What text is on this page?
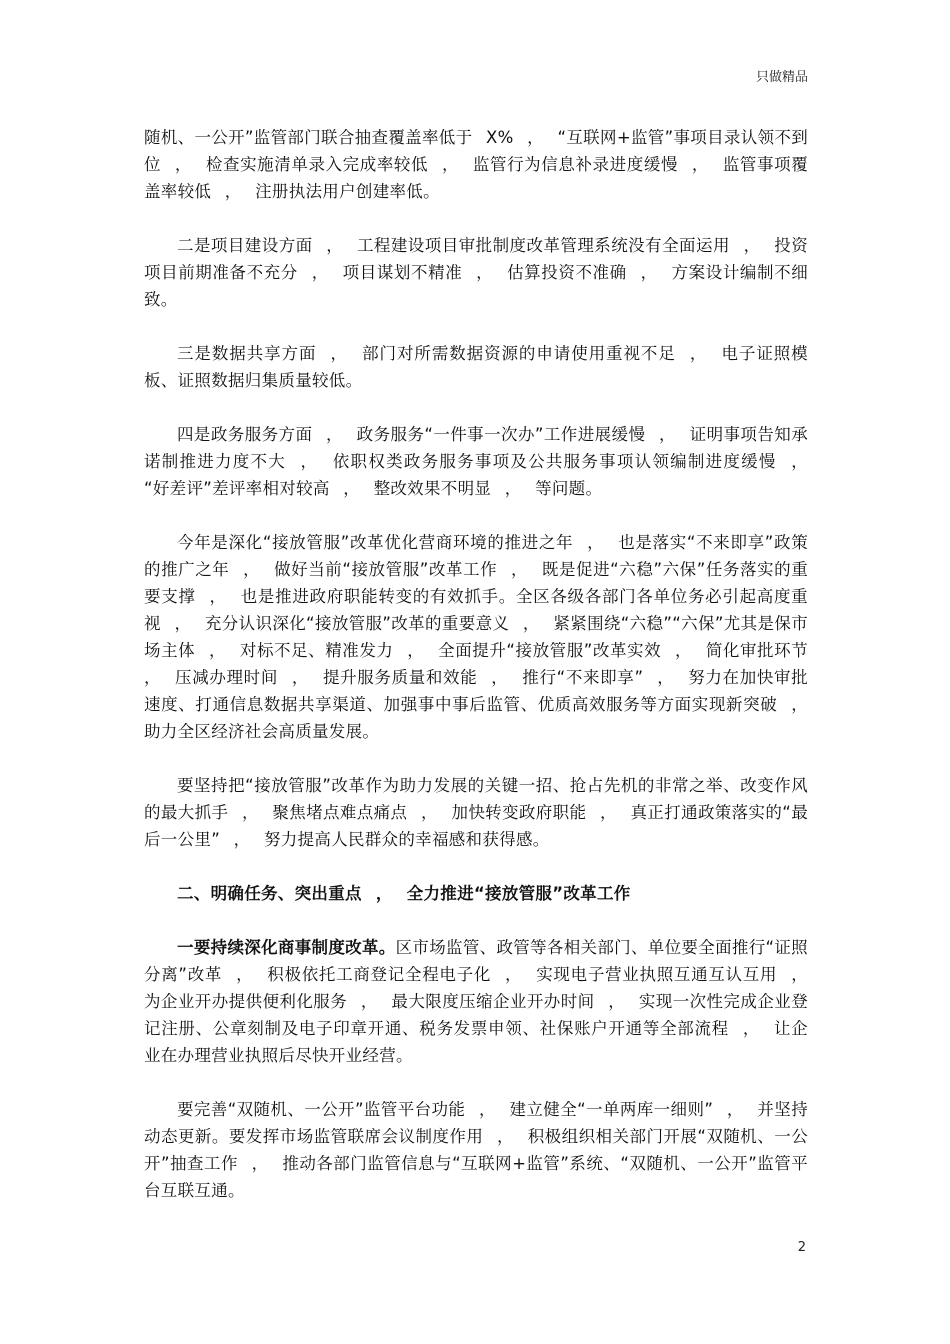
只做精品

随机、一公开”监管部门联合抽查覆盖率低于 X% ， “互联网+监管”事项目录认领不到位 ， 检查实施清单录入完成率较低 ， 监管行为信息补录进度缓慢 ， 监管事项覆盖率较低 ， 注册执法用户创建率低。

二是项目建设方面 ， 工程建设项目审批制度改革管理系统没有全面运用 ， 投资项目前期准备不充分 ， 项目谋划不精准 ， 估算投资不准确 ， 方案设计编制不细致。

三是数据共享方面 ， 部门对所需数据资源的申请使用重视不足 ， 电子证照模板、证照数据归集质量较低。

四是政务服务方面 ， 政务服务“一件事一次办”工作进展缓慢 ， 证明事项告知承诺制推进力度不大 ， 依职权类政务服务事项及公共服务事项认领编制进度缓慢 ， “好差评”差评率相对较高 ， 整改效果不明显 ， 等问题。

今年是深化“接放管服”改革优化营商环境的推进之年 ， 也是落实“不来即享”政策的推广之年 ， 做好当前“接放管服”改革工作 ， 既是促进“六稳”六保”任务落实的重要支撑 ， 也是推进政府职能转变的有效抓手。全区各级各部门各单位务必引起高度重视 ， 充分认识深化“接放管服”改革的重要意义 ， 紧紧围绕“六稳”“六保”尤其是保市场主体 ， 对标不足、精准发力 ， 全面提升“接放管服”改革实效 ， 简化审批环节 ， 压减办理时间 ， 提升服务质量和效能 ， 推行“不来即享” ， 努力在加快审批速度、打通信息数据共享渠道、加强事中事后监管、优质高效服务等方面实现新突破 ， 助力全区经济社会高质量发展。

要坚持把“接放管服”改革作为助力发展的关键一招、抢占先机的非常之举、改变作风的最大抓手 ， 聚焦堵点难点痛点 ， 加快转变政府职能 ， 真正打通政策落实的“最后一公里” ， 努力提高人民群众的幸福感和获得感。

二、明确任务、突出重点 ， 全力推进“接放管服”改革工作

一要持续深化商事制度改革。区市场监管、政管等各相关部门、单位要全面推行“证照分离”改革 ， 积极依托工商登记全程电子化 ， 实现电子营业执照互通互认互用 ， 为企业开办提供便利化服务 ， 最大限度压缩企业开办时间 ， 实现一次性完成企业登记注册、公章刻制及电子印章开通、税务发票申领、社保账户开通等全部流程 ， 让企业在办理营业执照后尽快开业经营。

要完善“双随机、一公开”监管平台功能 ， 建立健全“一单两库一细则” ， 并坚持动态更新。要发挥市场监管联席会议制度作用 ， 积极组织相关部门开展“双随机、一公开”抽查工作 ， 推动各部门监管信息与“互联网+监管”系统、“双随机、一公开”监管平台互联互通。

2
